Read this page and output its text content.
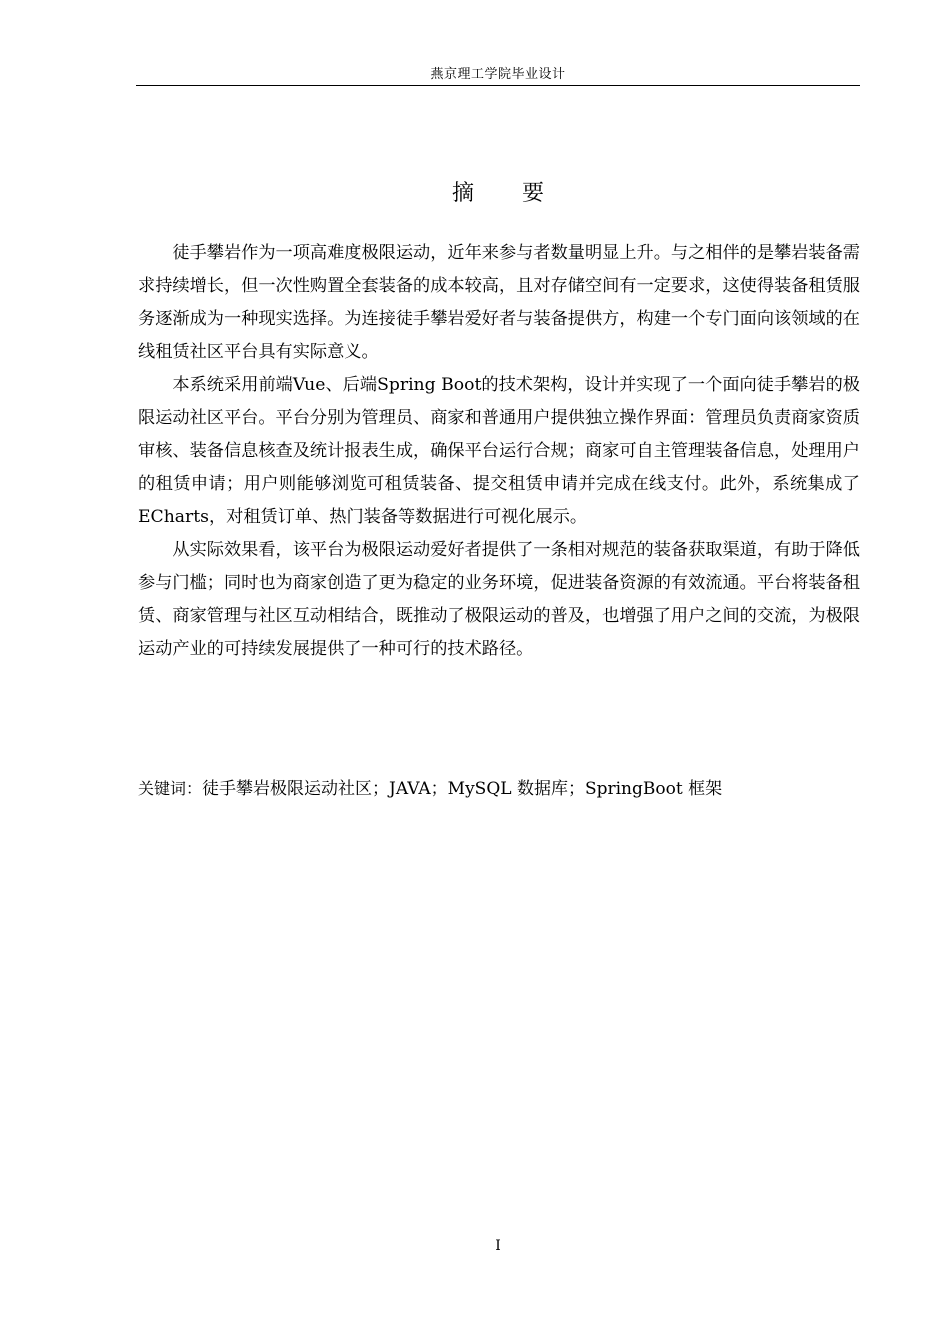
燕京理工学院毕业设计
摘要

徒手攀岩作为一项高难度极限运动，近年来参与者数量明显上升。与之相伴的是攀岩装备需求持续增长，但一次性购置全套装备的成本较高，且对存储空间有一定要求，这使得装备租赁服务逐渐成为一种现实选择。为连接徒手攀岩爱好者与装备提供方，构建一个专门面向该领域的在线租赁社区平台具有实际意义。

本系统采用前端Vue、后端Spring Boot的技术架构，设计并实现了一个面向徒手攀岩的极限运动社区平台。平台分别为管理员、商家和普通用户提供独立操作界面：管理员负责商家资质审核、装备信息核查及统计报表生成，确保平台运行合规；商家可自主管理装备信息，处理用户的租赁申请；用户则能够浏览可租赁装备、提交租赁申请并完成在线支付。此外，系统集成了ECharts，对租赁订单、热门装备等数据进行可视化展示。

从实际效果看，该平台为极限运动爱好者提供了一条相对规范的装备获取渠道，有助于降低参与门槛；同时也为商家创造了更为稳定的业务环境，促进装备资源的有效流通。平台将装备租赁、商家管理与社区互动相结合，既推动了极限运动的普及，也增强了用户之间的交流，为极限运动产业的可持续发展提供了一种可行的技术路径。

关键词：徒手攀岩极限运动社区；JAVA；MySQL 数据库；SpringBoot 框架
I
